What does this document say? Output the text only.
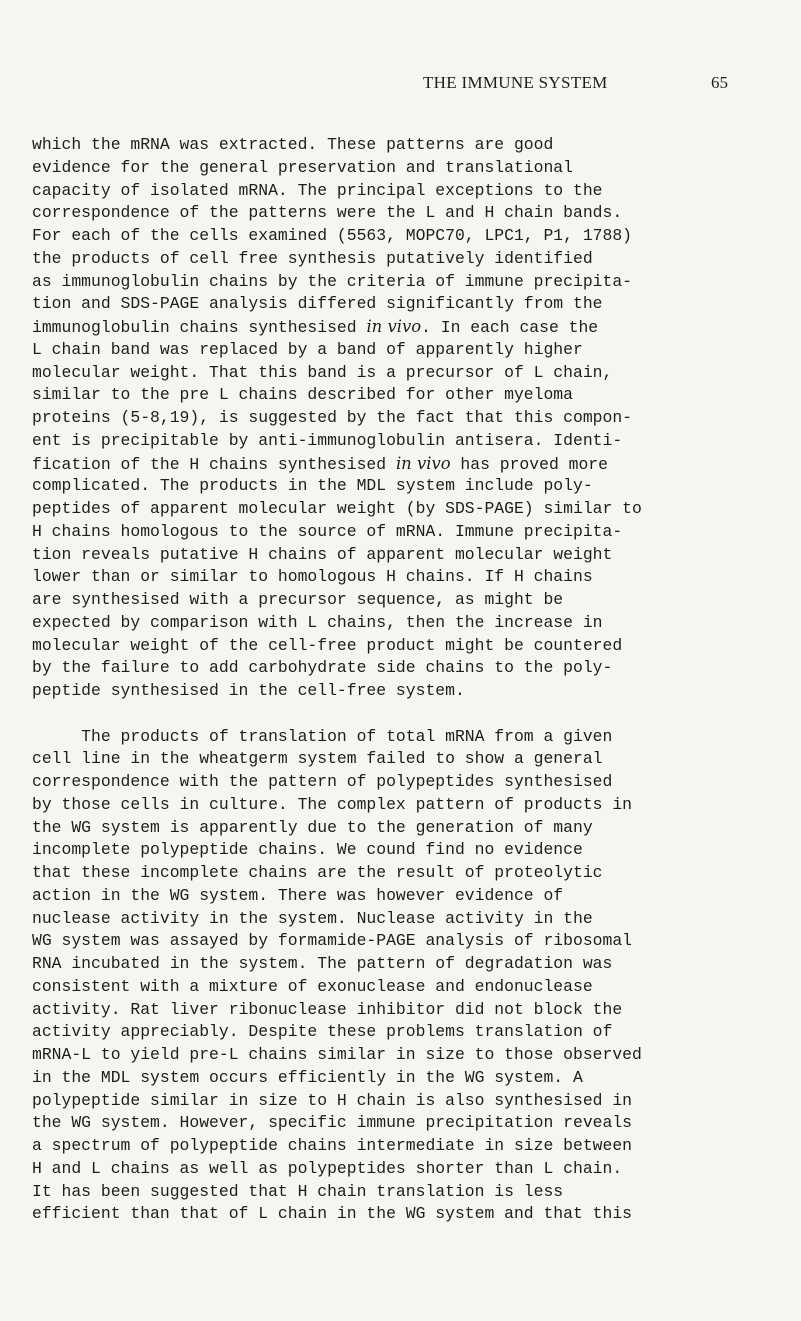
THE IMMUNE SYSTEM	65
which the mRNA was extracted. These patterns are good
evidence for the general preservation and translational
capacity of isolated mRNA. The principal exceptions to the
correspondence of the patterns were the L and H chain bands.
For each of the cells examined (5563, MOPC70, LPC1, P1, 1788)
the products of cell free synthesis putatively identified
as immunoglobulin chains by the criteria of immune precipita-
tion and SDS-PAGE analysis differed significantly from the
immunoglobulin chains synthesised in vivo. In each case the
L chain band was replaced by a band of apparently higher
molecular weight. That this band is a precursor of L chain,
similar to the pre L chains described for other myeloma
proteins (5-8,19), is suggested by the fact that this compon-
ent is precipitable by anti-immunoglobulin antisera. Identi-
fication of the H chains synthesised in vivo has proved more
complicated. The products in the MDL system include poly-
peptides of apparent molecular weight (by SDS-PAGE) similar to
H chains homologous to the source of mRNA. Immune precipita-
tion reveals putative H chains of apparent molecular weight
lower than or similar to homologous H chains. If H chains
are synthesised with a precursor sequence, as might be
expected by comparison with L chains, then the increase in
molecular weight of the cell-free product might be countered
by the failure to add carbohydrate side chains to the poly-
peptide synthesised in the cell-free system.
The products of translation of total mRNA from a given
cell line in the wheatgerm system failed to show a general
correspondence with the pattern of polypeptides synthesised
by those cells in culture. The complex pattern of products in
the WG system is apparently due to the generation of many
incomplete polypeptide chains. We cound find no evidence
that these incomplete chains are the result of proteolytic
action in the WG system. There was however evidence of
nuclease activity in the system. Nuclease activity in the
WG system was assayed by formamide-PAGE analysis of ribosomal
RNA incubated in the system. The pattern of degradation was
consistent with a mixture of exonuclease and endonuclease
activity. Rat liver ribonuclease inhibitor did not block the
activity appreciably. Despite these problems translation of
mRNA-L to yield pre-L chains similar in size to those observed
in the MDL system occurs efficiently in the WG system. A
polypeptide similar in size to H chain is also synthesised in
the WG system. However, specific immune precipitation reveals
a spectrum of polypeptide chains intermediate in size between
H and L chains as well as polypeptides shorter than L chain.
It has been suggested that H chain translation is less
efficient than that of L chain in the WG system and that this
